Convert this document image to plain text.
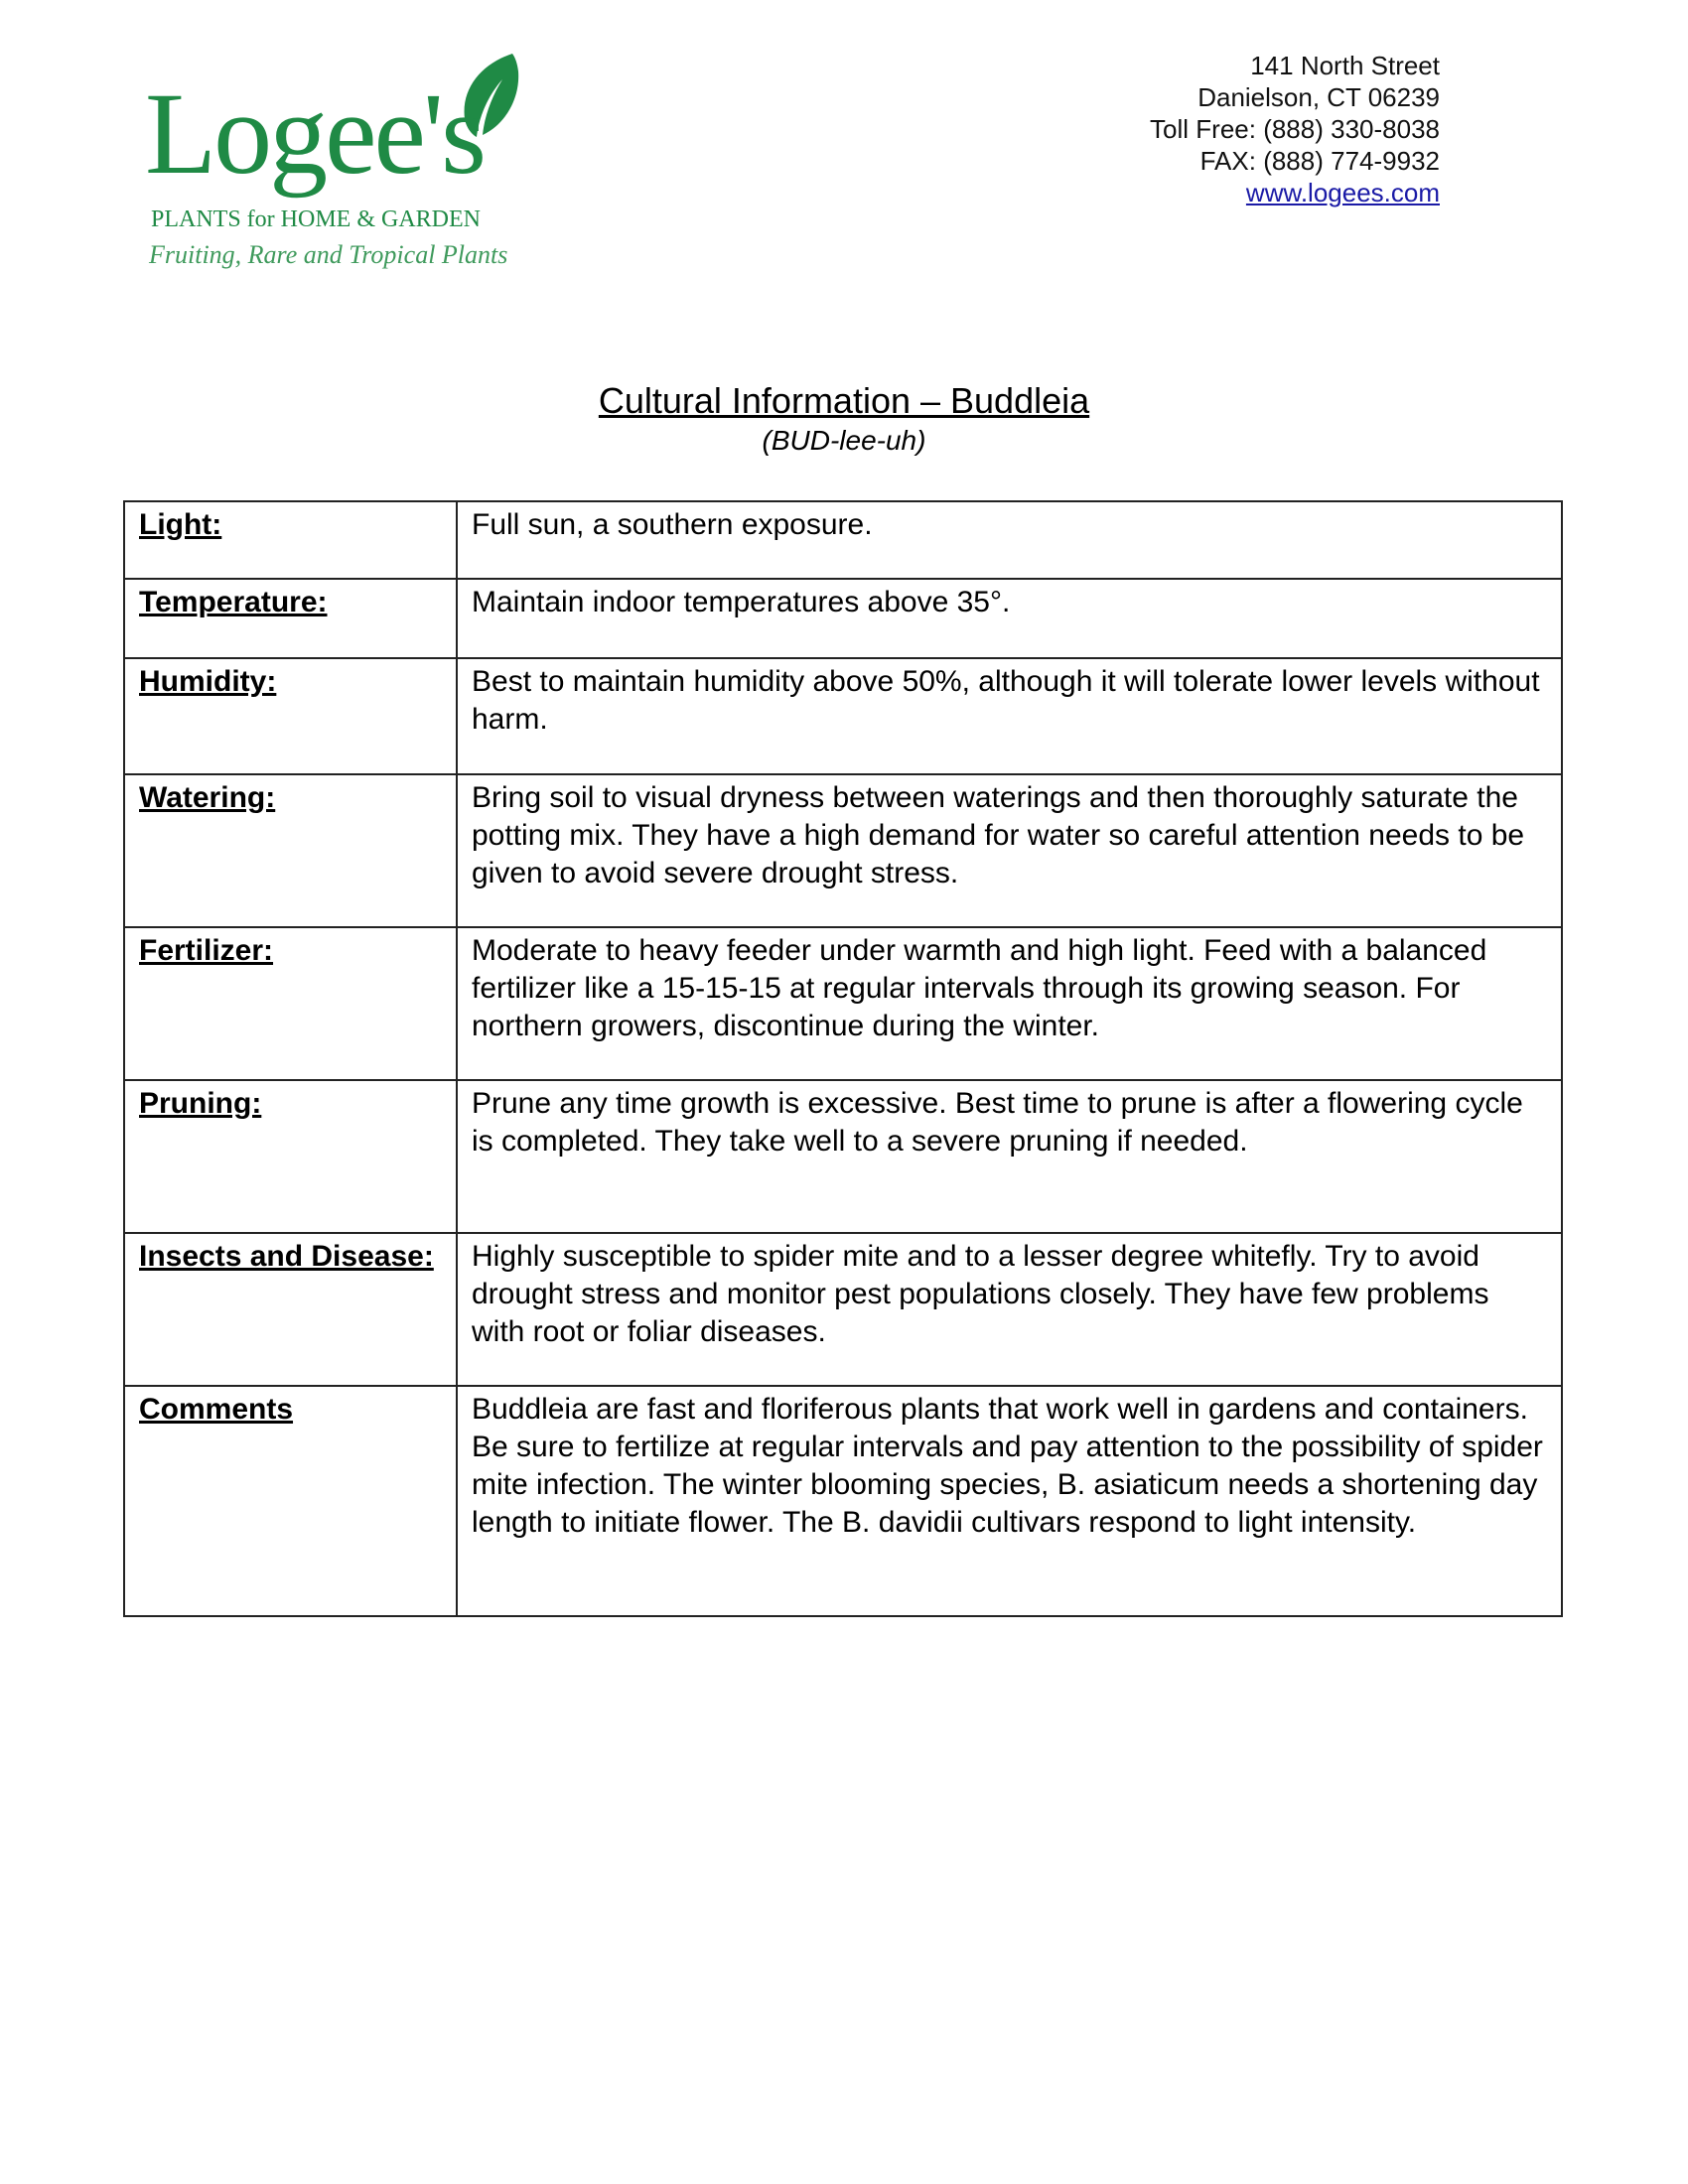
Logee's
PLANTS for HOME & GARDEN
Fruiting, Rare and Tropical Plants
141 North Street
Danielson, CT 06239
Toll Free: (888) 330-8038
FAX: (888) 774-9932
www.logees.com
Cultural Information – Buddleia
(BUD-lee-uh)
Light:	Full sun, a southern exposure.
Temperature:	Maintain indoor temperatures above 35°.
Humidity:	Best to maintain humidity above 50%, although it will tolerate lower levels without harm.
Watering:	Bring soil to visual dryness between waterings and then thoroughly saturate the potting mix. They have a high demand for water so careful attention needs to be given to avoid severe drought stress.
Fertilizer:	Moderate to heavy feeder under warmth and high light. Feed with a balanced fertilizer like a 15-15-15 at regular intervals through its growing season. For northern growers, discontinue during the winter.
Pruning:	Prune any time growth is excessive. Best time to prune is after a flowering cycle is completed. They take well to a severe pruning if needed.
Insects and Disease:	Highly susceptible to spider mite and to a lesser degree whitefly. Try to avoid drought stress and monitor pest populations closely. They have few problems with root or foliar diseases.
Comments	Buddleia are fast and floriferous plants that work well in gardens and containers. Be sure to fertilize at regular intervals and pay attention to the possibility of spider mite infection. The winter blooming species, B. asiaticum needs a shortening day length to initiate flower. The B. davidii cultivars respond to light intensity.
